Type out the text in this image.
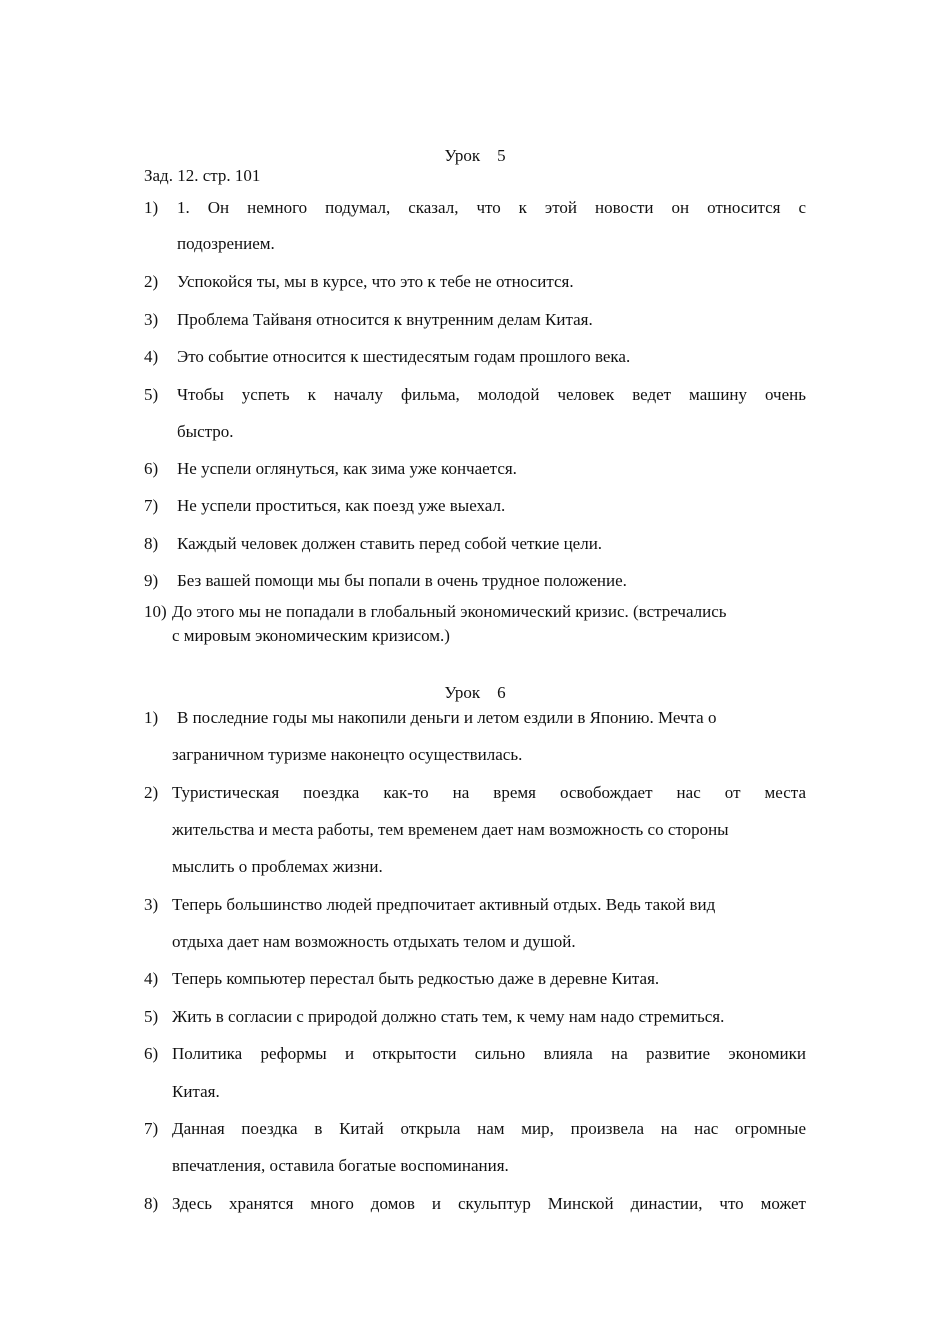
Урок　5
Зад. 12. стр. 101
1) 1. Он немного подумал, сказал, что к этой новости он относится с
подозрением.
2) Успокойся ты, мы в курсе, что это к тебе не относится.
3) Проблема Тайваня относится к внутренним делам Китая.
4) Это событие относится к шестидесятым годам прошлого века.
5) Чтобы успеть к началу фильма, молодой человек ведет машину очень
быстро.
6) Не успели оглянуться, как зима уже кончается.
7) Не успели проститься, как поезд уже выехал.
8) Каждый человек должен ставить перед собой четкие цели.
9) Без вашей помощи мы бы попали в очень трудное положение.
10) До этого мы не попадали в глобальный экономический кризис. (встречались
с мировым экономическим кризисом.)
Урок　6
1) В последние годы мы накопили деньги и летом ездили в Японию. Мечта о
заграничном туризме наконецто осуществилась.
2) Туристическая поездка как-то на время освобождает нас от места
жительства и места работы, тем временем дает нам возможность со стороны
мыслить о проблемах жизни.
3) Теперь большинство людей предпочитает активный отдых. Ведь такой вид
отдыха дает нам возможность отдыхать телом и душой.
4) Теперь компьютер перестал быть редкостью даже в деревне Китая.
5) Жить в согласии с природой должно стать тем, к чему нам надо стремиться.
6) Политика реформы и открытости сильно влияла на развитие экономики
Китая.
7) Данная поездка в Китай открыла нам мир, произвела на нас огромные
впечатления, оставила богатые воспоминания.
8) Здесь хранятся много домов и скульптур Минской династии, что может
